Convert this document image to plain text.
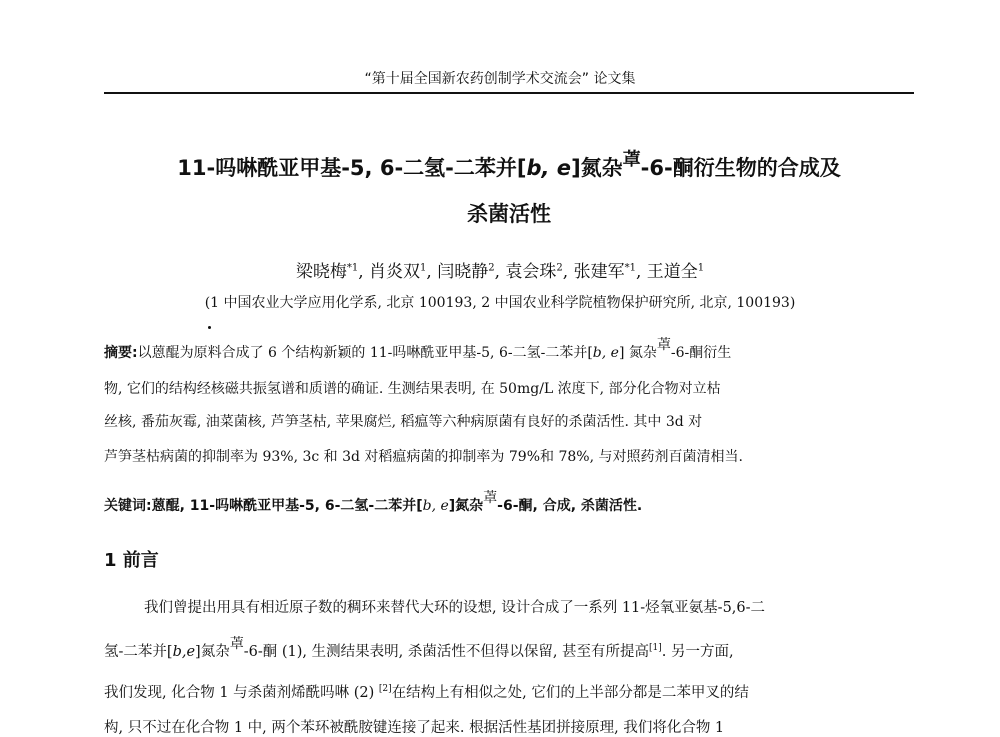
“第十届全国新农药创制学术交流会” 论文集
11-吗啉酰亚甲基-5, 6-二氢-二苯并[b, e]氮杂䓬-6-酮衍生物的合成及
杀菌活性
梁晓梅$^{*1}$, 肖炎双$^1$, 闫晓静$^2$, 袁会珠$^2$, 张建军$^{*1}$, 王道全$^1$
(1 中国农业大学应用化学系, 北京 100193, 2 中国农业科学院植物保护研究所, 北京, 100193)
摘要:以蒽醌为原料合成了 6 个结构新颖的 11-吗啉酰亚甲基-5, 6-二氢-二苯并[b, e] 氮杂䓬-6-酮衍生
物, 它们的结构经核磁共振氢谱和质谱的确证. 生测结果表明, 在 50mg/L 浓度下, 部分化合物对立枯
丝核, 番茄灰霉, 油菜菌核, 芦笋茎枯, 苹果腐烂, 稻瘟等六种病原菌有良好的杀菌活性. 其中 3d 对
芦笋茎枯病菌的抑制率为 93%, 3c 和 3d 对稻瘟病菌的抑制率为 79%和 78%, 与对照药剂百菌清相当.
关键词:蒽醌, 11-吗啉酰亚甲基-5, 6-二氢-二苯并[b, e]氮杂䓬-6-酮, 合成, 杀菌活性.
1 前言
我们曾提出用具有相近原子数的稠环来替代大环的设想, 设计合成了一系列 11-烃氧亚氨基-5,6-二
氢-二苯并[b,e]氮杂䓬-6-酮 (1), 生测结果表明, 杀菌活性不但得以保留, 甚至有所提高[1]. 另一方面,
我们发现, 化合物 1 与杀菌剂烯酰吗啉 (2) [2]在结构上有相似之处, 它们的上半部分都是二苯甲叉的结
构, 只不过在化合物 1 中, 两个苯环被酰胺键连接了起来. 根据活性基团拼接原理, 我们将化合物 1
